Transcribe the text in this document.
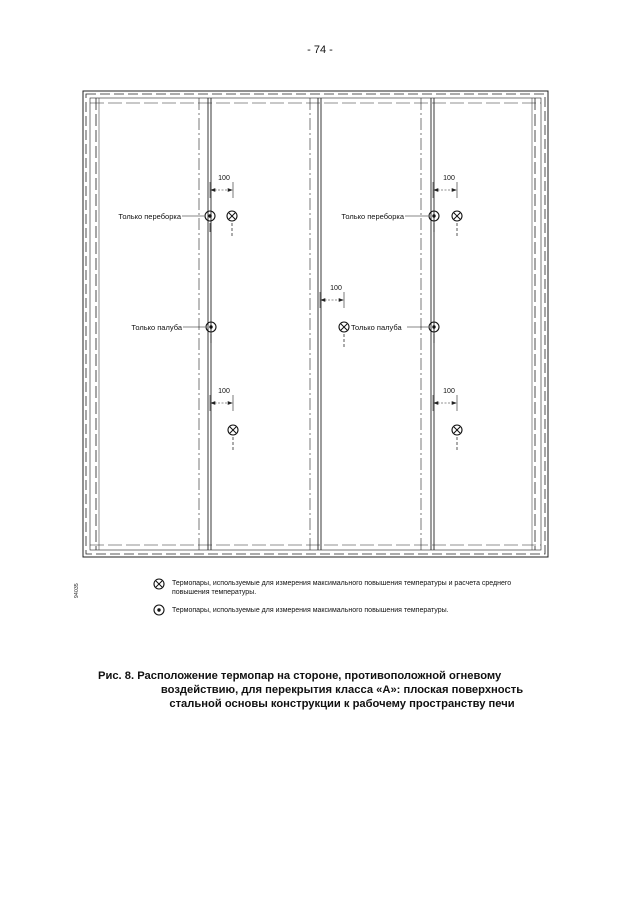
- 74 -
100	100
100
100	100
Только переборка	Только переборка
Только палуба	Только палуба
Термопары, используемые для измерения максимального повышения температуры и расчета среднего повышения температуры.
Термопары, используемые для измерения максимального повышения температуры.
94035
Рис. 8. Расположение термопар на стороне, противоположной огневому
воздействию, для перекрытия класса «А»: плоская поверхность
стальной основы конструкции к рабочему пространству печи
